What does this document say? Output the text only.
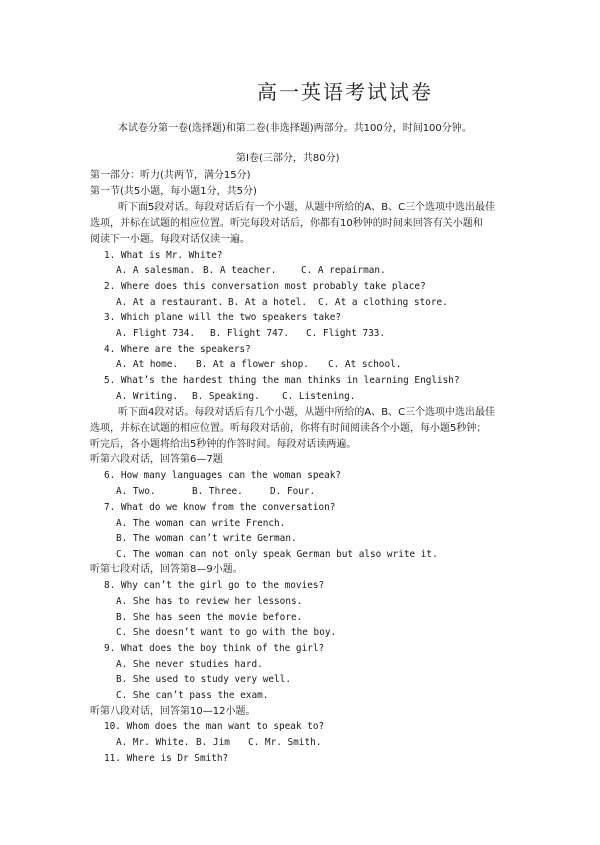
高一英语考试试卷
本试卷分第一卷(选择题)和第二卷(非选择题)两部分。共100分，时间100分钟。
第Ⅰ卷(三部分，共80分)
第一部分：听力(共两节，满分15分)
第一节(共5小题，每小题1分，共5分)
听下面5段对话。每段对话后有一个小题，从题中所给的A、B、C三个选项中选出最佳
选项，并标在试题的相应位置。听完每段对话后，你都有10秒钟的时间来回答有关小题和
阅读下一小题。每段对话仅读一遍。
1. What is Mr. White?
A. A salesman. B. A teacher.	C. A repairman.
2. Where does this conversation most probably take place?
A. At a restaurant. B. At a hotel. C. At a clothing store.
3. Which plane will the two speakers take?
A. Flight 734. B. Flight 747. C. Flight 733.
4. Where are the speakers?
A. At home. B. At a flower shop. C. At school.
5. What’s the hardest thing the man thinks in learning English?
A. Writing. B. Speaking. C. Listening.
听下面4段对话。每段对话后有几个小题，从题中所给的A、B、C三个选项中选出最佳
选项，并标在试题的相应位置。听每段对话前，你将有时间阅读各个小题，每小题5秒钟；
听完后，各小题将给出5秒钟的作答时间。每段对话读两遍。
听第六段对话，回答第6—7题
6. How many languages can the woman speak?
A. Two.	B. Three.	D. Four.
7. What do we know from the conversation?
A. The woman can write French.
B. The woman can’t write German.
C. The woman can not only speak German but also write it.
听第七段对话，回答第8—9小题。
8. Why can’t the girl go to the movies?
A. She has to review her lessons.
B. She has seen the movie before.
C. She doesn’t want to go with the boy.
9. What does the boy think of the girl?
A. She never studies hard.
B. She used to study very well.
C. She can’t pass the exam.
听第八段对话，回答第10—12小题。
10. Whom does the man want to speak to?
A. Mr. White. B. Jim C. Mr. Smith.
11. Where is Dr Smith?
